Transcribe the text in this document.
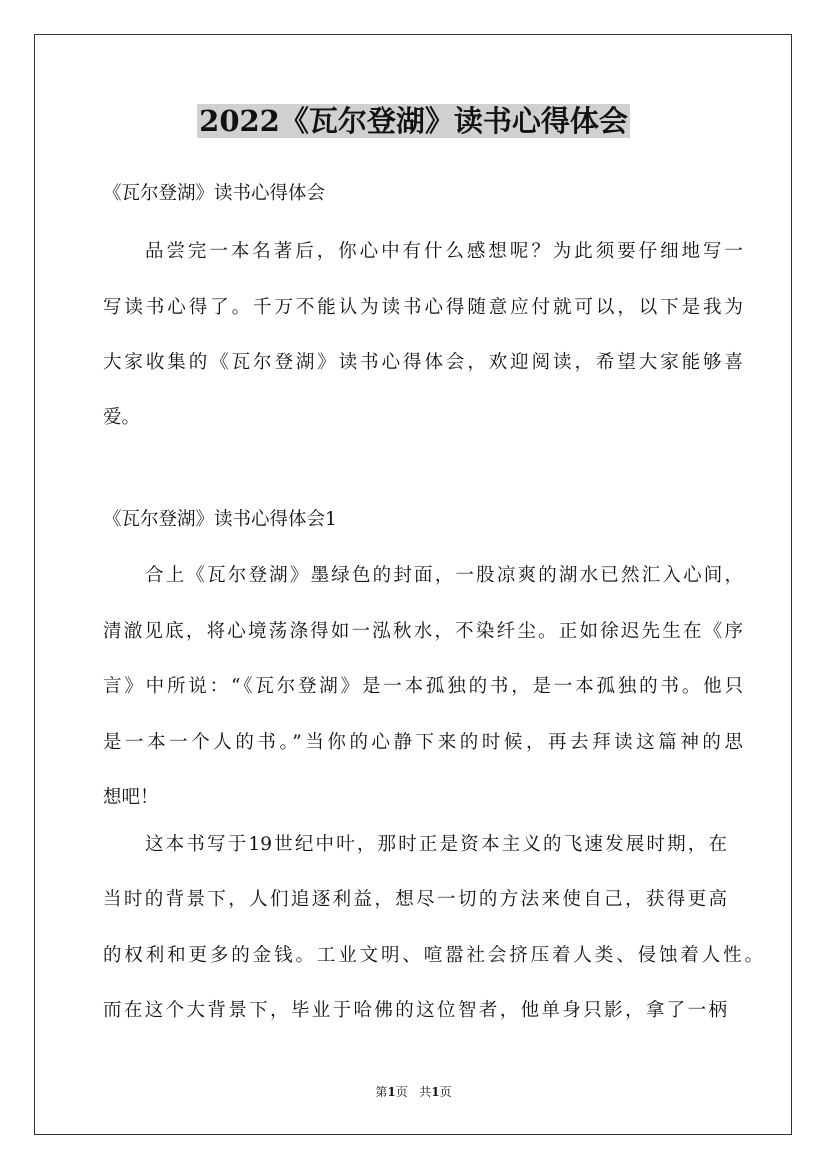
2022《瓦尔登湖》读书心得体会
《瓦尔登湖》读书心得体会
品尝完一本名著后，你心中有什么感想呢？为此须要仔细地写一
写读书心得了。千万不能认为读书心得随意应付就可以，以下是我为
大家收集的《瓦尔登湖》读书心得体会，欢迎阅读，希望大家能够喜
爱。
《瓦尔登湖》读书心得体会1
合上《瓦尔登湖》墨绿色的封面，一股凉爽的湖水已然汇入心间，
清澈见底，将心境荡涤得如一泓秋水，不染纤尘。正如徐迟先生在《序
言》中所说：“《瓦尔登湖》是一本孤独的书，是一本孤独的书。他只
是一本一个人的书。”当你的心静下来的时候，再去拜读这篇神的思
想吧！
这本书写于19世纪中叶，那时正是资本主义的飞速发展时期，在
当时的背景下，人们追逐利益，想尽一切的方法来使自己，获得更高
的权利和更多的金钱。工业文明、喧嚣社会挤压着人类、侵蚀着人性。
而在这个大背景下，毕业于哈佛的这位智者，他单身只影，拿了一柄
第1页 共1页
